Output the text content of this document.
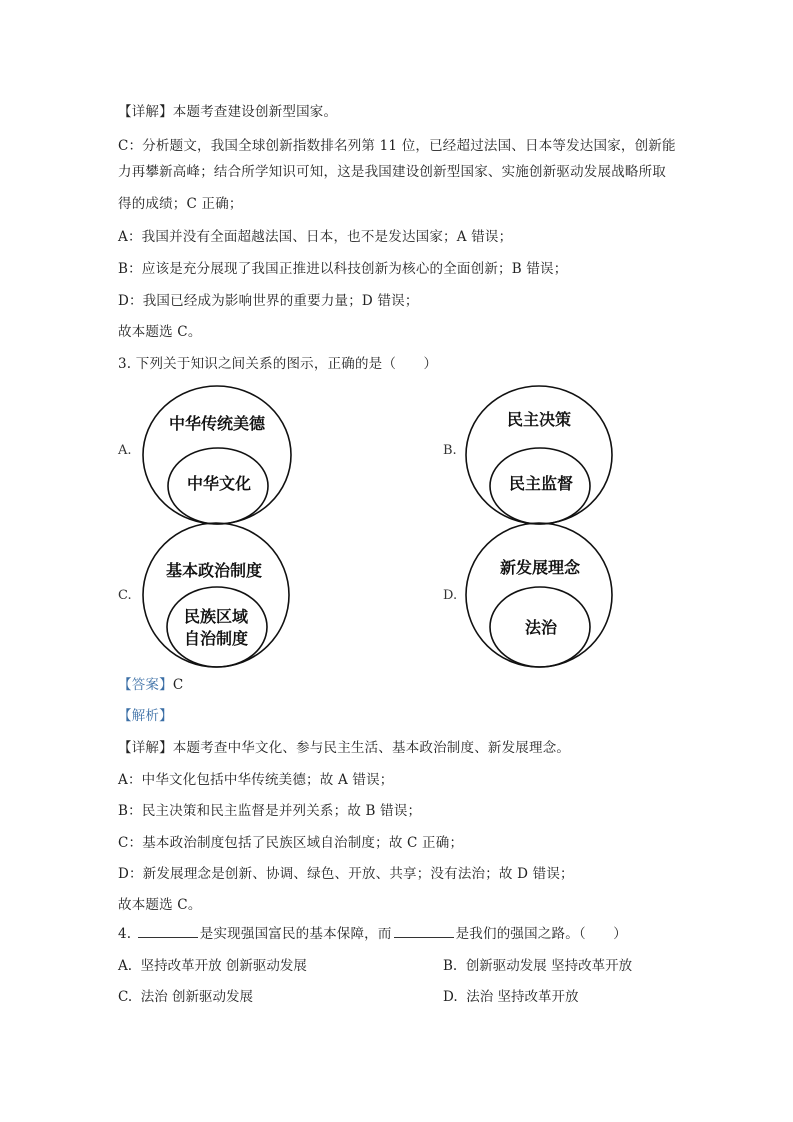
【详解】本题考查建设创新型国家。
C：分析题文，我国全球创新指数排名列第 11 位，已经超过法国、日本等发达国家，创新能
力再攀新高峰；结合所学知识可知，这是我国建设创新型国家、实施创新驱动发展战略所取
得的成绩；C 正确；
A：我国并没有全面超越法国、日本，也不是发达国家；A 错误；
B：应该是充分展现了我国正推进以科技创新为核心的全面创新；B 错误；
D：我国已经成为影响世界的重要力量；D 错误；
故本题选 C。
3. 下列关于知识之间关系的图示，正确的是（　　）
A.
中华传统美德
中华文化
B.
民主决策
民主监督
C.
基本政治制度
民族区域
自治制度
D.
新发展理念
法治
【答案】C
【解析】
【详解】本题考查中华文化、参与民主生活、基本政治制度、新发展理念。
A：中华文化包括中华传统美德；故 A 错误；
B：民主决策和民主监督是并列关系；故 B 错误；
C：基本政治制度包括了民族区域自治制度；故 C 正确；
D：新发展理念是创新、协调、绿色、开放、共享；没有法治；故 D 错误；
故本题选 C。
4.	是实现强国富民的基本保障，而	是我们的强国之路。（　　）
A. 坚持改革开放 创新驱动发展	B. 创新驱动发展 坚持改革开放
C. 法治 创新驱动发展	D. 法治 坚持改革开放
